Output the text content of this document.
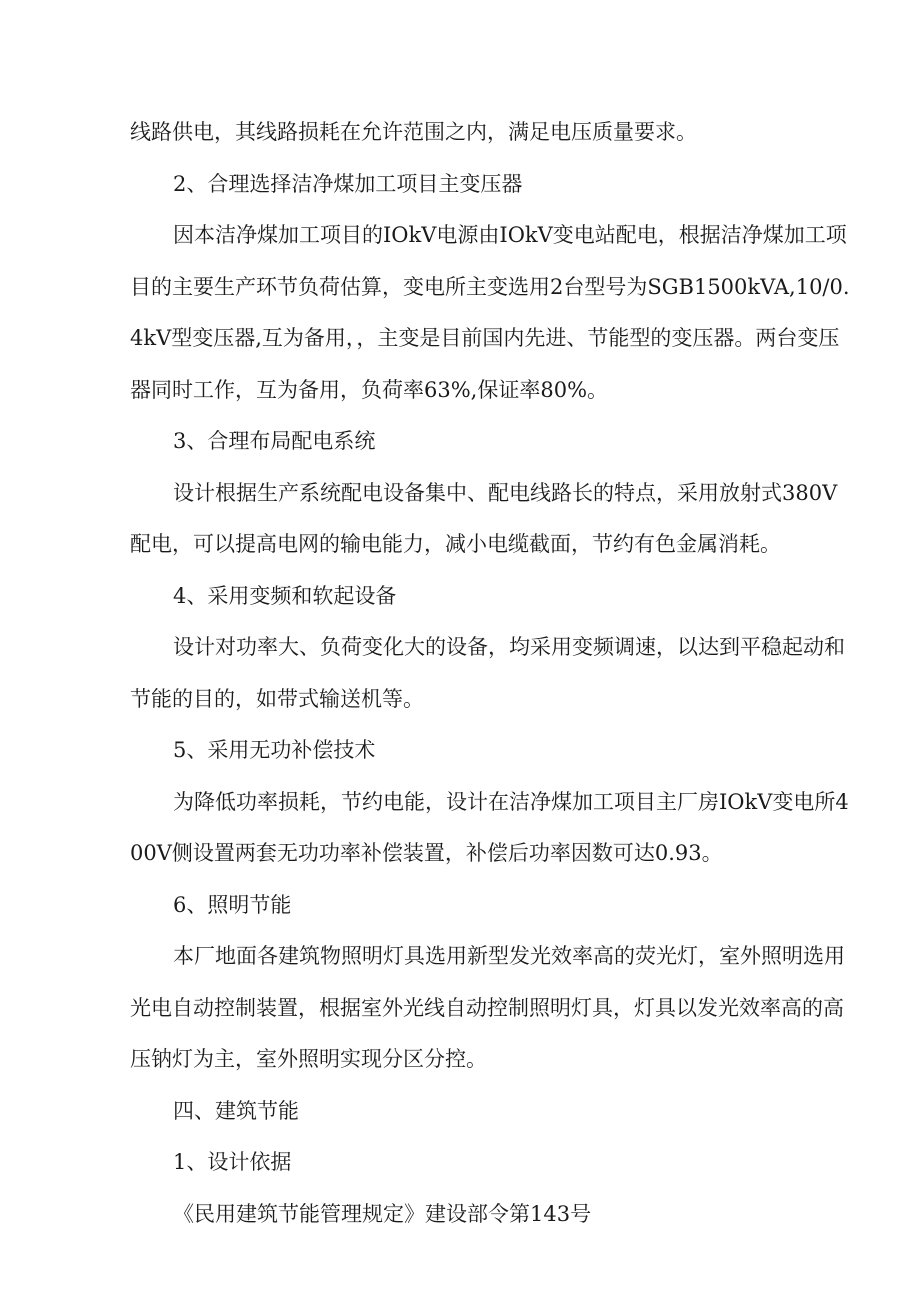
线路供电，其线路损耗在允许范围之内，满足电压质量要求。

2、合理选择洁净煤加工项目主变压器

因本洁净煤加工项目的IOkV电源由IOkV变电站配电，根据洁净煤加工项目的主要生产环节负荷估算，变电所主变选用2台型号为SGB1500kVA,10/0.4kV型变压器,互为备用，，主变是目前国内先进、节能型的变压器。两台变压器同时工作，互为备用，负荷率63%,保证率80%。

3、合理布局配电系统

设计根据生产系统配电设备集中、配电线路长的特点，采用放射式380V配电，可以提高电网的输电能力，减小电缆截面，节约有色金属消耗。

4、采用变频和软起设备

设计对功率大、负荷变化大的设备，均采用变频调速，以达到平稳起动和节能的目的，如带式输送机等。

5、采用无功补偿技术

为降低功率损耗，节约电能，设计在洁净煤加工项目主厂房IOkV变电所400V侧设置两套无功功率补偿装置，补偿后功率因数可达0.93。

6、照明节能

本厂地面各建筑物照明灯具选用新型发光效率高的荧光灯，室外照明选用光电自动控制装置，根据室外光线自动控制照明灯具，灯具以发光效率高的高压钠灯为主，室外照明实现分区分控。

四、建筑节能

1、设计依据

《民用建筑节能管理规定》建设部令第143号
